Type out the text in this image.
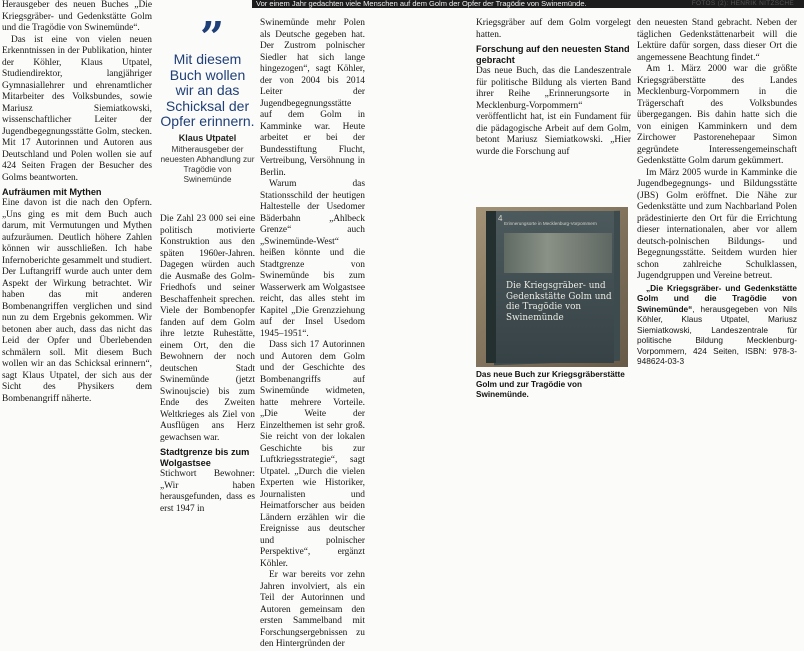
Vor einem Jahr gedachten viele Menschen auf dem Golm der Opfer der Tragödie von Swinemünde.	FOTOS (2): HENRIK NITZSCHE

Herausgeber des neuen Buches „Die Kriegsgräber- und Gedenkstätte Golm und die Tragödie von Swinemünde“.

Das ist eine von vielen neuen Erkenntnissen in der Publikation, hinter der Köhler, Klaus Utpatel, Studiendirektor, langjähriger Gymnasiallehrer und ehrenamtlicher Mitarbeiter des Volksbundes, sowie Mariusz Siemiatkowski, wissenschaftlicher Leiter der Jugendbegegnungsstätte Golm, stecken. Mit 17 Autorinnen und Autoren aus Deutschland und Polen wollen sie auf 424 Seiten Fragen der Besucher des Golms beantworten.

Aufräumen mit Mythen

Eine davon ist die nach den Opfern. „Uns ging es mit dem Buch auch darum, mit Vermutungen und Mythen aufzuräumen. Deutlich höhere Zahlen können wir ausschließen. Ich habe Infernoberichte gesammelt und studiert. Der Luftangriff wurde auch unter dem Aspekt der Wirkung betrachtet. Wir haben das mit anderen Bombenangriffen verglichen und sind nun zu dem Ergebnis gekommen. Wir betonen aber auch, dass das nicht das Leid der Opfer und Überlebenden schmälern soll. Mit diesem Buch wollen wir an das Schicksal erinnern“, sagt Klaus Utpatel, der sich aus der Sicht des Physikers dem Bombenangriff näherte.

”
Mit diesem Buch wollen wir an das Schicksal der Opfer erinnern.
Klaus Utpatel
Mitherausgeber der neuesten Abhandlung zur Tragödie von Swinemünde

Die Zahl 23 000 sei eine politisch motivierte Konstruktion aus den späten 1960er-Jahren. Dagegen würden auch die Ausmaße des Golm-Friedhofs und seiner Beschaffenheit sprechen. Viele der Bombenopfer fanden auf dem Golm ihre letzte Ruhestätte, einem Ort, den die Bewohnern der noch deutschen Stadt Swinemünde (jetzt Swinoujscie) bis zum Ende des Zweiten Weltkrieges als Ziel von Ausflügen ans Herz gewachsen war.

Stadtgrenze bis zum Wolgastsee

Stichwort Bewohner: „Wir haben herausgefunden, dass es erst 1947 in

Swinemünde mehr Polen als Deutsche gegeben hat. Der Zustrom polnischer Siedler hat sich lange hingezogen“, sagt Köhler, der von 2004 bis 2014 Leiter der Jugendbegegnungsstätte auf dem Golm in Kamminke war. Heute arbeitet er bei der Bundesstiftung Flucht, Vertreibung, Versöhnung in Berlin.

Warum das Stationsschild der heutigen Haltestelle der Usedomer Bäderbahn „Ahlbeck Grenze“ auch „Swinemünde-West“ heißen könnte und die Stadtgrenze von Swinemünde bis zum Wasserwerk am Wolgastsee reicht, das alles steht im Kapitel „Die Grenzziehung auf der Insel Usedom 1945–1951“.

Dass sich 17 Autorinnen und Autoren dem Golm und der Geschichte des Bombenangriffs auf Swinemünde widmeten, hatte mehrere Vorteile. „Die Weite der Einzelthemen ist sehr groß. Sie reicht von der lokalen Geschichte bis zur Luftkriegsstrategie“, sagt Utpatel. „Durch die vielen Experten wie Historiker, Journalisten und Heimatforscher aus beiden Ländern erzählen wir die Ereignisse aus deutscher und polnischer Perspektive“, ergänzt Köhler.

Er war bereits vor zehn Jahren involviert, als ein Teil der Autorinnen und Autoren gemeinsam den ersten Sammelband mit Forschungsergebnissen zu den Hintergründen der

Kriegsgräber auf dem Golm vorgelegt hatten.

Forschung auf den neuesten Stand gebracht

Das neue Buch, das die Landeszentrale für politische Bildung als vierten Band ihrer Reihe „Erinnerungsorte in Mecklenburg-Vorpommern“ veröffentlicht hat, ist ein Fundament für die pädagogische Arbeit auf dem Golm, betont Mariusz Siemiatkowski. „Hier wurde die Forschung auf

4
Erinnerungsorte in Mecklenburg-Vorpommern
Die Kriegsgräber- und Gedenkstätte Golm und die Tragödie von Swinemünde
Das neue Buch zur Kriegsgräberstätte Golm und zur Tragödie von Swinemünde.

den neuesten Stand gebracht. Neben der täglichen Gedenkstättenarbeit will die Lektüre dafür sorgen, dass dieser Ort die angemessene Beachtung findet.“

Am 1. März 2000 war die größte Kriegsgräberstätte des Landes Mecklenburg-Vorpommern in die Trägerschaft des Volksbundes übergegangen. Bis dahin hatte sich die von einigen Kamminkern und dem Zirchower Pastorenehepaar Simon gegründete Interessengemeinschaft Gedenkstätte Golm darum gekümmert.

Im März 2005 wurde in Kamminke die Jugendbegegnungs- und Bildungsstätte (JBS) Golm eröffnet. Die Nähe zur Gedenkstätte und zum Nachbarland Polen prädestinierte den Ort für die Errichtung dieser internationalen, aber vor allem deutsch-polnischen Bildungs- und Begegnungsstätte. Seitdem wurden hier schon zahlreiche Schulklassen, Jugendgruppen und Vereine betreut.

„Die Kriegsgräber- und Gedenkstätte Golm und die Tragödie von Swinemünde“, herausgegeben von Nils Köhler, Klaus Utpatel, Mariusz Siemiatkowski, Landeszentrale für politische Bildung Mecklenburg-Vorpommern, 424 Seiten, ISBN: 978-3-948624-03-3
